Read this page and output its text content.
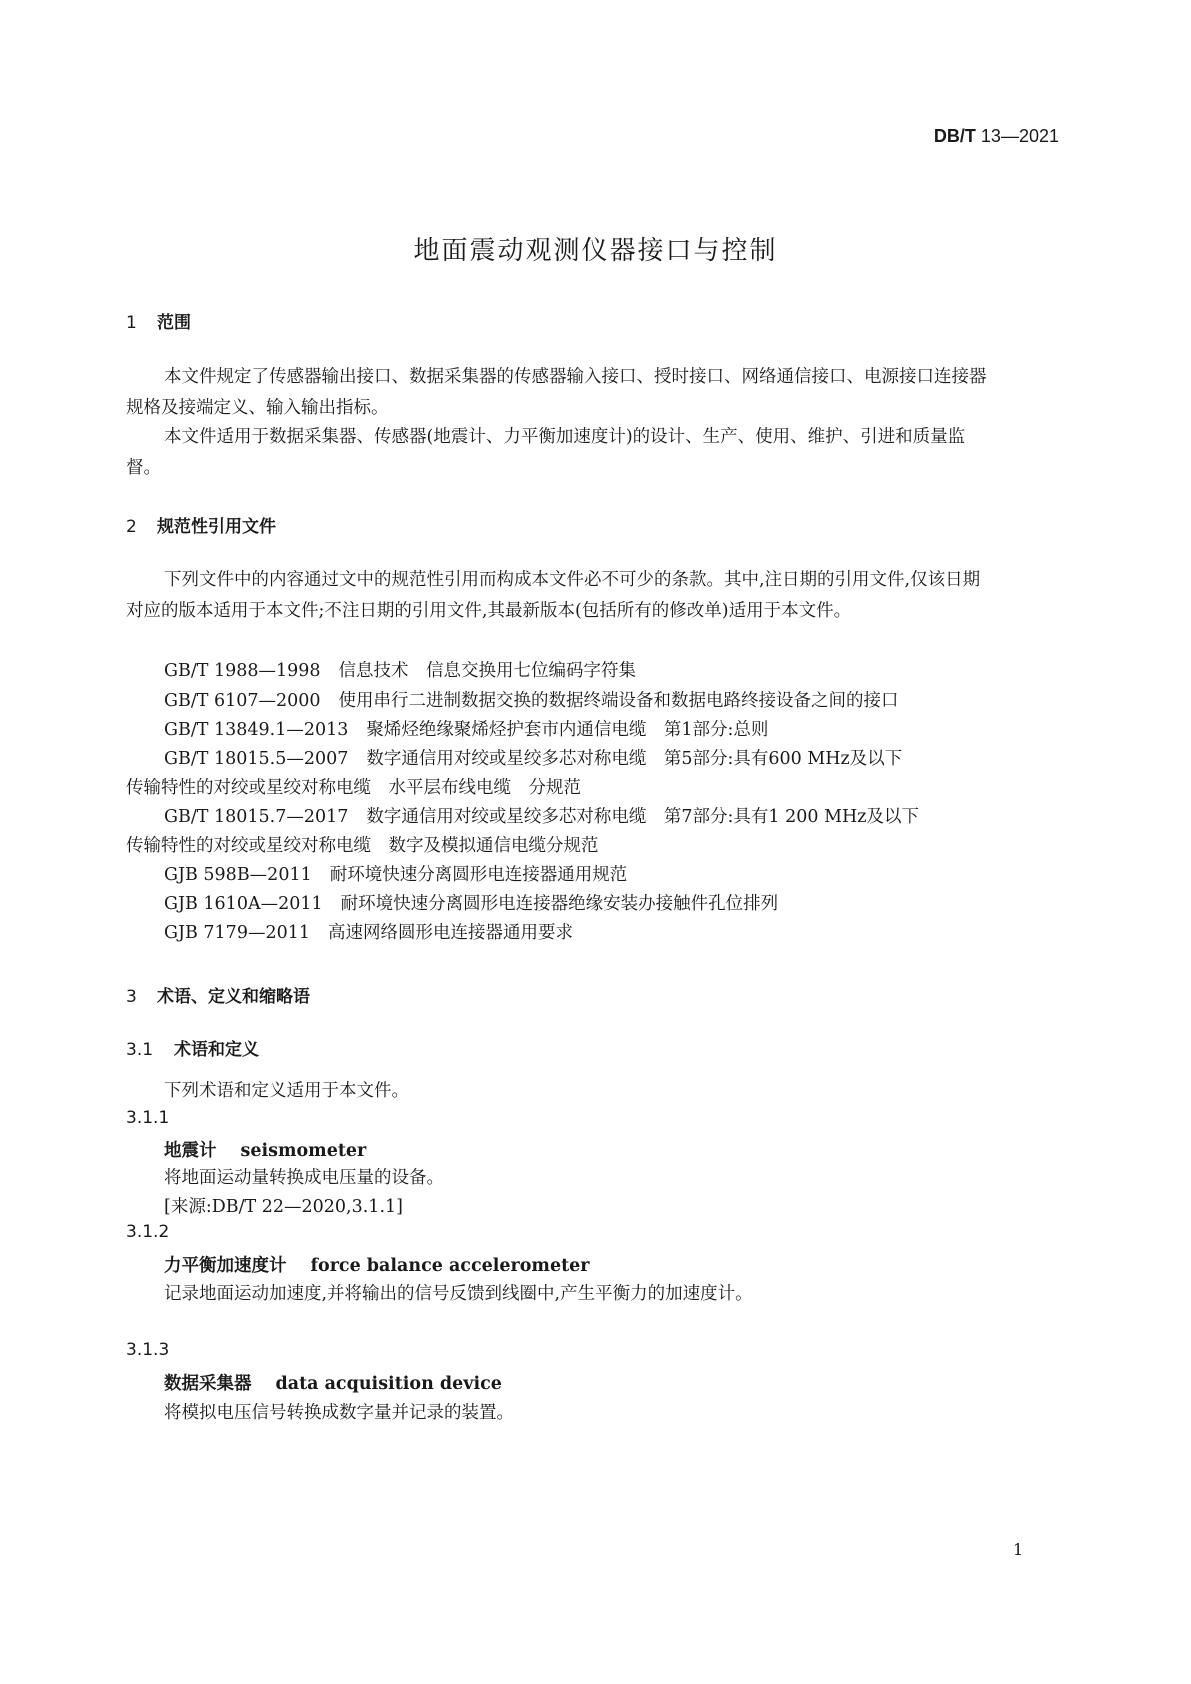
DB/T 13—2021
地面震动观测仪器接口与控制
1 范围
本文件规定了传感器输出接口、数据采集器的传感器输入接口、授时接口、网络通信接口、电源接口连接器规格及接端定义、输入输出指标。
本文件适用于数据采集器、传感器(地震计、力平衡加速度计)的设计、生产、使用、维护、引进和质量监督。
2 规范性引用文件
下列文件中的内容通过文中的规范性引用而构成本文件必不可少的条款。其中,注日期的引用文件,仅该日期对应的版本适用于本文件;不注日期的引用文件,其最新版本(包括所有的修改单)适用于本文件。
GB/T 1988—1998 信息技术　信息交换用七位编码字符集
GB/T 6107—2000 使用串行二进制数据交换的数据终端设备和数据电路终接设备之间的接口
GB/T 13849.1—2013 聚烯烃绝缘聚烯烃护套市内通信电缆　第1部分:总则
GB/T 18015.5—2007 数字通信用对绞或星绞多芯对称电缆　第5部分:具有600 MHz及以下
传输特性的对绞或星绞对称电缆　水平层布线电缆　分规范
GB/T 18015.7—2017 数字通信用对绞或星绞多芯对称电缆　第7部分:具有1 200 MHz及以下
传输特性的对绞或星绞对称电缆　数字及模拟通信电缆分规范
GJB 598B—2011 耐环境快速分离圆形电连接器通用规范
GJB 1610A—2011 耐环境快速分离圆形电连接器绝缘安装办接触件孔位排列
GJB 7179—2011 高速网络圆形电连接器通用要求
3 术语、定义和缩略语
3.1 术语和定义
下列术语和定义适用于本文件。
3.1.1
地震计 seismometer
将地面运动量转换成电压量的设备。
[来源:DB/T 22—2020,3.1.1]
3.1.2
力平衡加速度计 force balance accelerometer
记录地面运动加速度,并将输出的信号反馈到线圈中,产生平衡力的加速度计。
3.1.3
数据采集器 data acquisition device
将模拟电压信号转换成数字量并记录的装置。
1
